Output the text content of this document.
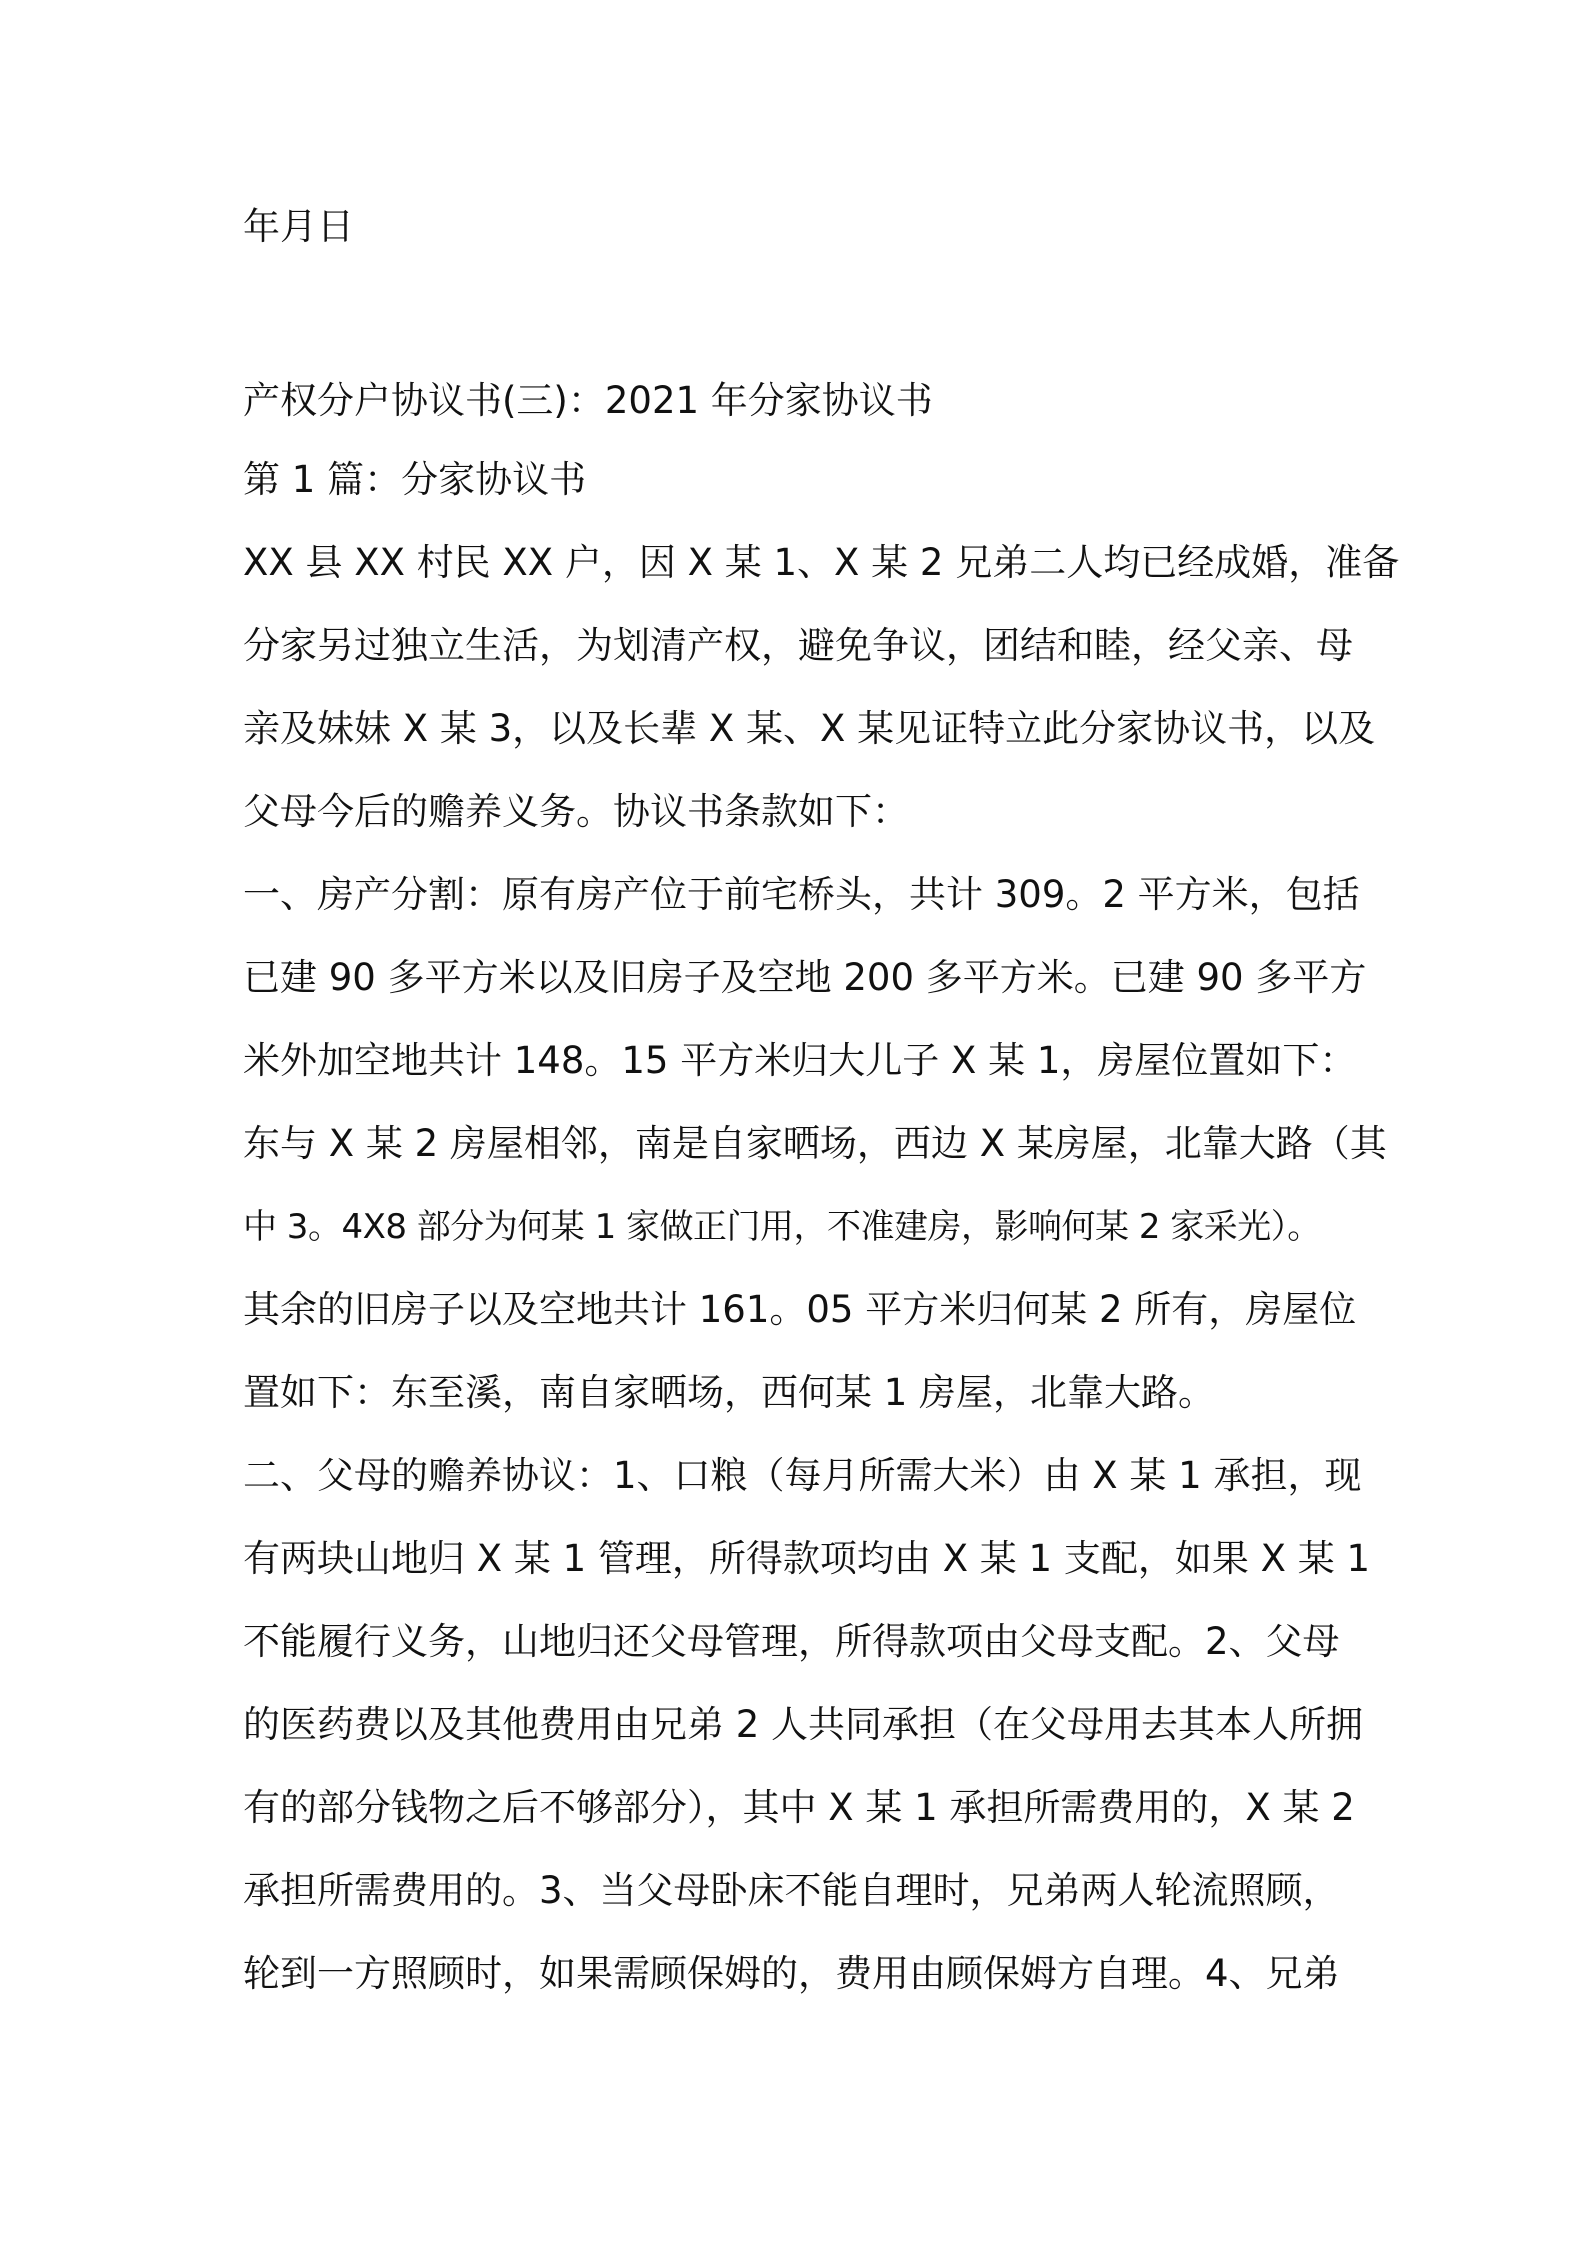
年月日
产权分户协议书(三)：2021 年分家协议书
第 1 篇：分家协议书
XX 县 XX 村民 XX 户，因 X 某 1、X 某 2 兄弟二人均已经成婚，准备
分家另过独立生活，为划清产权，避免争议，团结和睦，经父亲、母
亲及妹妹 X 某 3，以及长辈 X 某、X 某见证特立此分家协议书，以及
父母今后的赡养义务。协议书条款如下：
一、房产分割：原有房产位于前宅桥头，共计 309。2 平方米，包括
已建 90 多平方米以及旧房子及空地 200 多平方米。已建 90 多平方
米外加空地共计 148。15 平方米归大儿子 X 某 1，房屋位置如下：
东与 X 某 2 房屋相邻，南是自家晒场，西边 X 某房屋，北靠大路（其
中 3。4X8 部分为何某 1 家做正门用，不准建房，影响何某 2 家采光）。
其余的旧房子以及空地共计 161。05 平方米归何某 2 所有，房屋位
置如下：东至溪，南自家晒场，西何某 1 房屋，北靠大路。
二、父母的赡养协议：1、口粮（每月所需大米）由 X 某 1 承担，现
有两块山地归 X 某 1 管理，所得款项均由 X 某 1 支配，如果 X 某 1
不能履行义务，山地归还父母管理，所得款项由父母支配。2、父母
的医药费以及其他费用由兄弟 2 人共同承担（在父母用去其本人所拥
有的部分钱物之后不够部分），其中 X 某 1 承担所需费用的，X 某 2
承担所需费用的。3、当父母卧床不能自理时，兄弟两人轮流照顾，
轮到一方照顾时，如果需顾保姆的，费用由顾保姆方自理。4、兄弟
